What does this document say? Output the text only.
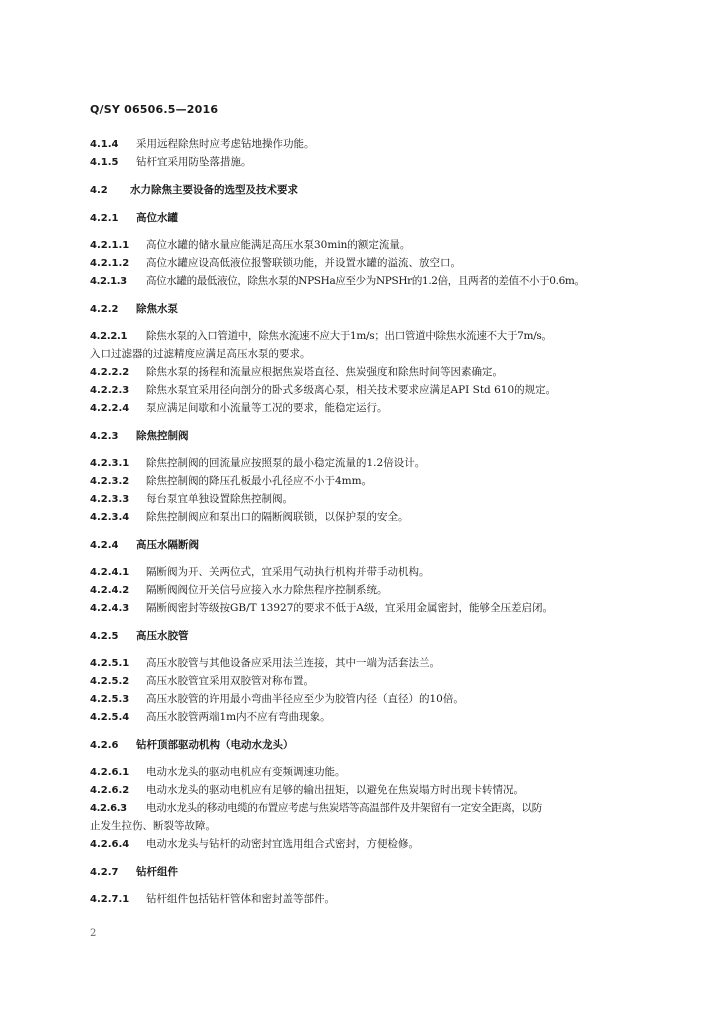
Q/SY 06506.5—2016
4.1.4 采用远程除焦时应考虑钻地操作功能。
4.1.5 钻杆宜采用防坠落措施。
4.2 水力除焦主要设备的选型及技术要求
4.2.1 高位水罐
4.2.1.1 高位水罐的储水量应能满足高压水泵30min的额定流量。
4.2.1.2 高位水罐应设高低液位报警联锁功能，并设置水罐的溢流、放空口。
4.2.1.3 高位水罐的最低液位，除焦水泵的NPSHa应至少为NPSHr的1.2倍，且两者的差值不小于0.6m。
4.2.2 除焦水泵
4.2.2.1 除焦水泵的入口管道中，除焦水流速不应大于1m/s；出口管道中除焦水流速不大于7m/s。
入口过滤器的过滤精度应满足高压水泵的要求。
4.2.2.2 除焦水泵的扬程和流量应根据焦炭塔直径、焦炭强度和除焦时间等因素确定。
4.2.2.3 除焦水泵宜采用径向剖分的卧式多级离心泵，相关技术要求应满足API Std 610的规定。
4.2.2.4 泵应满足间歇和小流量等工况的要求，能稳定运行。
4.2.3 除焦控制阀
4.2.3.1 除焦控制阀的回流量应按照泵的最小稳定流量的1.2倍设计。
4.2.3.2 除焦控制阀的降压孔板最小孔径应不小于4mm。
4.2.3.3 每台泵宜单独设置除焦控制阀。
4.2.3.4 除焦控制阀应和泵出口的隔断阀联锁，以保护泵的安全。
4.2.4 高压水隔断阀
4.2.4.1 隔断阀为开、关两位式，宜采用气动执行机构并带手动机构。
4.2.4.2 隔断阀阀位开关信号应接入水力除焦程序控制系统。
4.2.4.3 隔断阀密封等级按GB/T 13927的要求不低于A级，宜采用金属密封，能够全压差启闭。
4.2.5 高压水胶管
4.2.5.1 高压水胶管与其他设备应采用法兰连接，其中一端为活套法兰。
4.2.5.2 高压水胶管宜采用双胶管对称布置。
4.2.5.3 高压水胶管的许用最小弯曲半径应至少为胶管内径（直径）的10倍。
4.2.5.4 高压水胶管两端1m内不应有弯曲现象。
4.2.6 钻杆顶部驱动机构（电动水龙头）
4.2.6.1 电动水龙头的驱动电机应有变频调速功能。
4.2.6.2 电动水龙头的驱动电机应有足够的输出扭矩，以避免在焦炭塌方时出现卡转情况。
4.2.6.3 电动水龙头的移动电缆的布置应考虑与焦炭塔等高温部件及井架留有一定安全距离，以防
止发生拉伤、断裂等故障。
4.2.6.4 电动水龙头与钻杆的动密封宜选用组合式密封，方便检修。
4.2.7 钻杆组件
4.2.7.1 钻杆组件包括钻杆管体和密封盖等部件。
2
